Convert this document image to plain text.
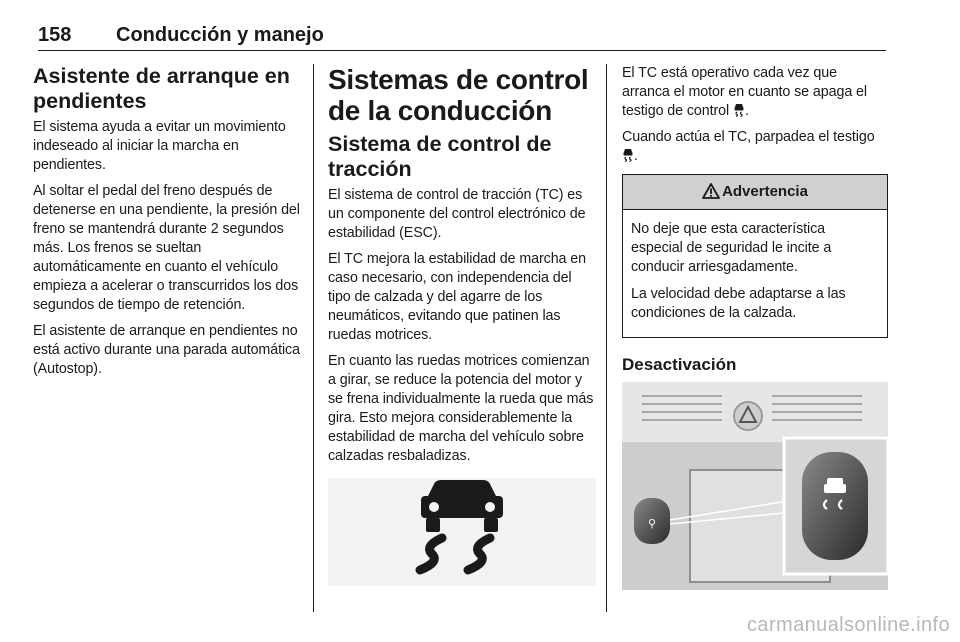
158 Conducción y manejo
Asistente de arranque en pendientes

El sistema ayuda a evitar un movimiento indeseado al iniciar la marcha en pendientes.

Al soltar el pedal del freno después de detenerse en una pendiente, la presión del freno se mantendrá durante 2 segundos más. Los frenos se sueltan automáticamente en cuanto el vehículo empieza a acelerar o transcurridos los dos segundos de tiempo de retención.

El asistente de arranque en pendientes no está activo durante una parada automática (Autostop).

Sistemas de control de la conducción
Sistema de control de tracción

El sistema de control de tracción (TC) es un componente del control electrónico de estabilidad (ESC).

El TC mejora la estabilidad de marcha en caso necesario, con independencia del tipo de calzada y del agarre de los neumáticos, evitando que patinen las ruedas motrices.

En cuanto las ruedas motrices comienzan a girar, se reduce la potencia del motor y se frena individualmente la rueda que más gira. Esto mejora considerablemente la estabilidad de marcha del vehículo sobre calzadas resbaladizas.

El TC está operativo cada vez que arranca el motor en cuanto se apaga el testigo de control .

Cuando actúa el TC, parpadea el testigo .

Advertencia

No deje que esta característica especial de seguridad le incite a conducir arriesgadamente.

La velocidad debe adaptarse a las condiciones de la calzada.

Desactivación
⚲
carmanualsonline.info
